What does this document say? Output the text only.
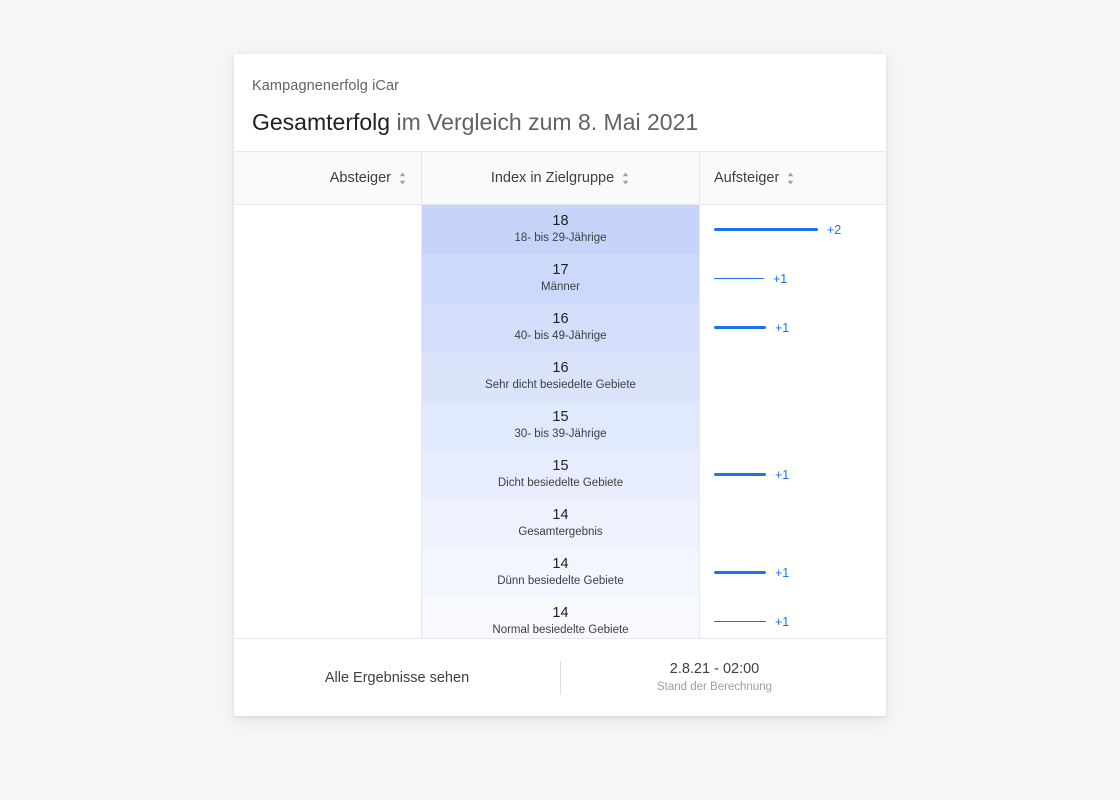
Kampagnenerfolg iCar
Gesamterfolg im Vergleich zum 8. Mai 2021
Absteiger	Index in Zielgruppe	Aufsteiger
18
18- bis 29-Jährige
17
Männer
16
40- bis 49-Jährige
16
Sehr dicht besiedelte Gebiete
15
30- bis 39-Jährige
15
Dicht besiedelte Gebiete
14
Gesamtergebnis
14
Dünn besiedelte Gebiete
14
Normal besiedelte Gebiete
+2
+1
+1
+1
+1
+1
Alle Ergebnisse sehen
2.8.21 - 02:00
Stand der Berechnung
